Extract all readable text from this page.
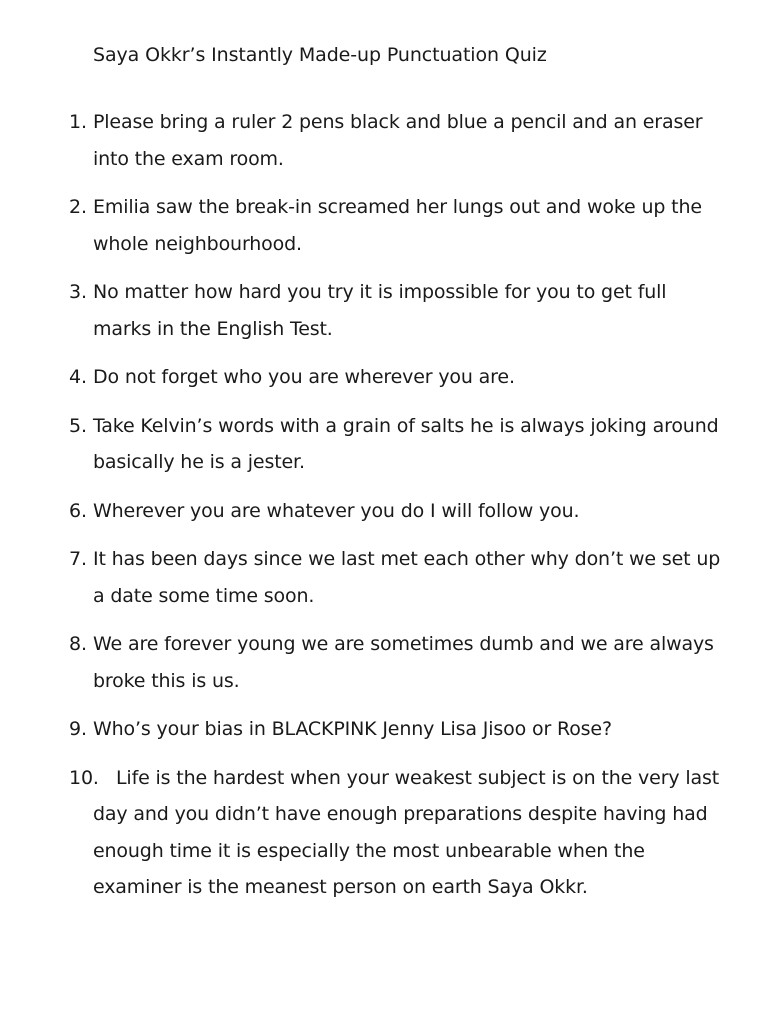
Saya Okkr’s Instantly Made-up Punctuation Quiz
1. Please bring a ruler 2 pens black and blue a pencil and an eraser into the exam room.
2. Emilia saw the break-in screamed her lungs out and woke up the whole neighbourhood.
3. No matter how hard you try it is impossible for you to get full marks in the English Test.
4. Do not forget who you are wherever you are.
5. Take Kelvin’s words with a grain of salts he is always joking around basically he is a jester.
6. Wherever you are whatever you do I will follow you.
7. It has been days since we last met each other why don’t we set up a date some time soon.
8. We are forever young we are sometimes dumb and we are always broke this is us.
9. Who’s your bias in BLACKPINK Jenny Lisa Jisoo or Rose?
10. Life is the hardest when your weakest subject is on the very last day and you didn’t have enough preparations despite having had enough time it is especially the most unbearable when the examiner is the meanest person on earth Saya Okkr.
